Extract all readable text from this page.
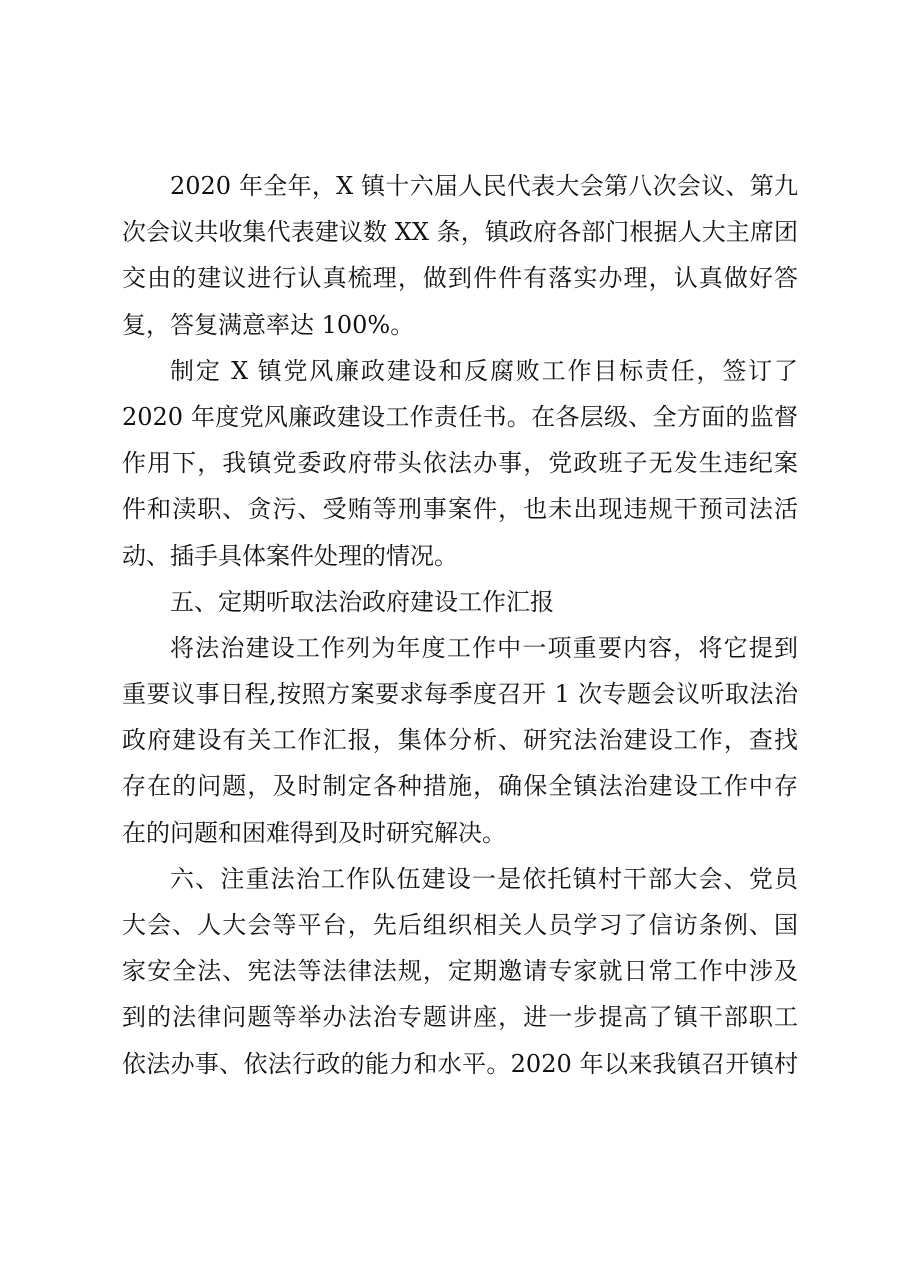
2020 年全年，X 镇十六届人民代表大会第八次会议、第九
次会议共收集代表建议数 XX 条，镇政府各部门根据人大主席团
交由的建议进行认真梳理，做到件件有落实办理，认真做好答
复，答复满意率达 100%。
制定 X 镇党风廉政建设和反腐败工作目标责任，签订了
2020 年度党风廉政建设工作责任书。在各层级、全方面的监督
作用下，我镇党委政府带头依法办事，党政班子无发生违纪案
件和渎职、贪污、受贿等刑事案件，也未出现违规干预司法活
动、插手具体案件处理的情况。
五、定期听取法治政府建设工作汇报
将法治建设工作列为年度工作中一项重要内容，将它提到
重要议事日程,按照方案要求每季度召开 1 次专题会议听取法治
政府建设有关工作汇报，集体分析、研究法治建设工作，查找
存在的问题，及时制定各种措施，确保全镇法治建设工作中存
在的问题和困难得到及时研究解决。
六、注重法治工作队伍建设一是依托镇村干部大会、党员
大会、人大会等平台，先后组织相关人员学习了信访条例、国
家安全法、宪法等法律法规，定期邀请专家就日常工作中涉及
到的法律问题等举办法治专题讲座，进一步提高了镇干部职工
依法办事、依法行政的能力和水平。2020 年以来我镇召开镇村
